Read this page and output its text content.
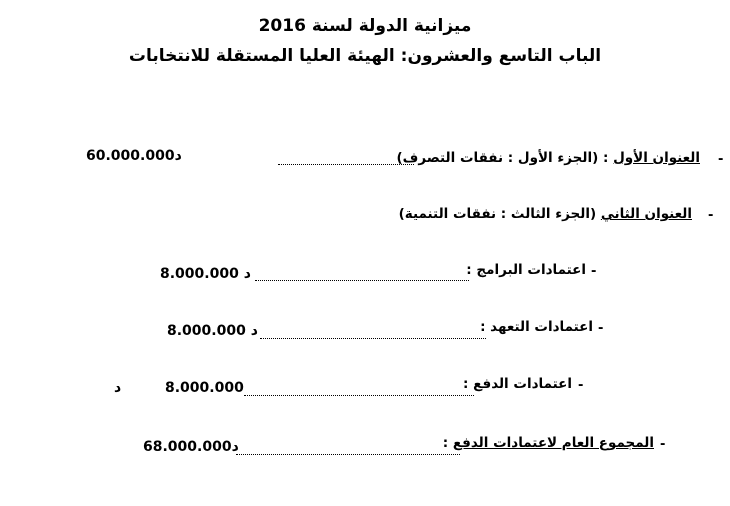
ميزانية الدولة لسنة 2016
الباب التاسع والعشرون: الهيئة العليا المستقلة للانتخابات
-
العنوان الأول : (الجزء الأول : نفقات التصرف)
60.000.000د
-
العنوان الثاني (الجزء الثالث : نفقات التنمية)
-
اعتمادات البرامج :
8.000.000 د
-
اعتمادات التعهد :
8.000.000 د
-
اعتمادات الدفع :
8.000.000
د
-
المجموع العام لاعتمادات الدفع :
68.000.000د
